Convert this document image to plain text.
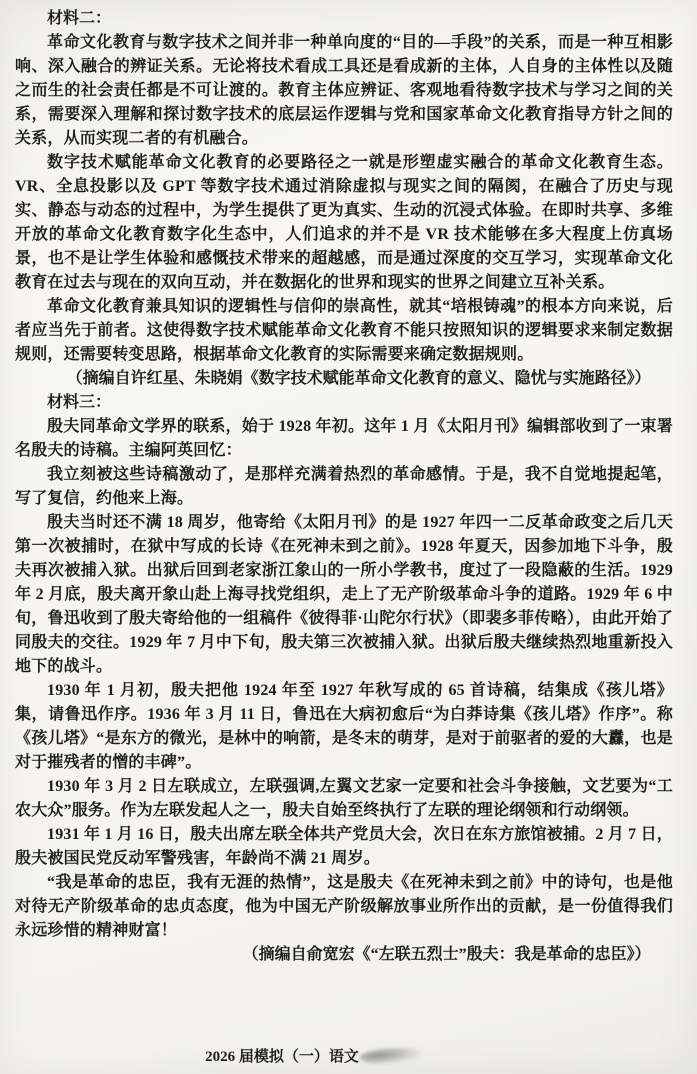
材料二：

革命文化教育与数字技术之间并非一种单向度的“目的—手段”的关系，而是一种互相影响、深入融合的辨证关系。无论将技术看成工具还是看成新的主体，人自身的主体性以及随之而生的社会责任都是不可让渡的。教育主体应辨证、客观地看待数字技术与学习之间的关系，需要深入理解和探讨数字技术的底层运作逻辑与党和国家革命文化教育指导方针之间的关系，从而实现二者的有机融合。

数字技术赋能革命文化教育的必要路径之一就是形塑虚实融合的革命文化教育生态。VR、全息投影以及 GPT 等数字技术通过消除虚拟与现实之间的隔阂，在融合了历史与现实、静态与动态的过程中，为学生提供了更为真实、生动的沉浸式体验。在即时共享、多维开放的革命文化教育数字化生态中，人们追求的并不是 VR 技术能够在多大程度上仿真场景，也不是让学生体验和感慨技术带来的超越感，而是通过深度的交互学习，实现革命文化教育在过去与现在的双向互动，并在数据化的世界和现实的世界之间建立互补关系。

革命文化教育兼具知识的逻辑性与信仰的崇高性，就其“培根铸魂”的根本方向来说，后者应当先于前者。这使得数字技术赋能革命文化教育不能只按照知识的逻辑要求来制定数据规则，还需要转变思路，根据革命文化教育的实际需要来确定数据规则。

（摘编自许红星、朱晓娟《数字技术赋能革命文化教育的意义、隐忧与实施路径》）

材料三：

殷夫同革命文学界的联系，始于 1928 年初。这年 1 月《太阳月刊》编辑部收到了一束署名殷夫的诗稿。主编阿英回忆：

我立刻被这些诗稿激动了，是那样充满着热烈的革命感情。于是，我不自觉地提起笔，写了复信，约他来上海。

殷夫当时还不满 18 周岁，他寄给《太阳月刊》的是 1927 年四一二反革命政变之后几天第一次被捕时，在狱中写成的长诗《在死神未到之前》。1928 年夏天，因参加地下斗争，殷夫再次被捕入狱。出狱后回到老家浙江象山的一所小学教书，度过了一段隐蔽的生活。1929 年 2 月底，殷夫离开象山赴上海寻找党组织，走上了无产阶级革命斗争的道路。1929 年 6 中旬，鲁迅收到了殷夫寄给他的一组稿件《彼得菲·山陀尔行状》（即裴多菲传略），由此开始了同殷夫的交往。1929 年 7 月中下旬，殷夫第三次被捕入狱。出狱后殷夫继续热烈地重新投入地下的战斗。

1930 年 1 月初，殷夫把他 1924 年至 1927 年秋写成的 65 首诗稿，结集成《孩儿塔》集，请鲁迅作序。1936 年 3 月 11 日，鲁迅在大病初愈后“为白莽诗集《孩儿塔》作序”。称《孩儿塔》“是东方的微光，是林中的响箭，是冬末的萌芽，是对于前驱者的爱的大纛，也是对于摧残者的憎的丰碑”。

1930 年 3 月 2 日左联成立，左联强调,左翼文艺家一定要和社会斗争接触，文艺要为“工农大众”服务。作为左联发起人之一，殷夫自始至终执行了左联的理论纲领和行动纲领。

1931 年 1 月 16 日，殷夫出席左联全体共产党员大会，次日在东方旅馆被捕。2 月 7 日，殷夫被国民党反动军警残害，年龄尚不满 21 周岁。

“我是革命的忠臣，我有无涯的热情”，这是殷夫《在死神未到之前》中的诗句，也是他对待无产阶级革命的忠贞态度，他为中国无产阶级解放事业所作出的贡献，是一份值得我们永远珍惜的精神财富！

（摘编自俞宽宏《“左联五烈士”殷夫：我是革命的忠臣》）

2026 届模拟（一）语文
